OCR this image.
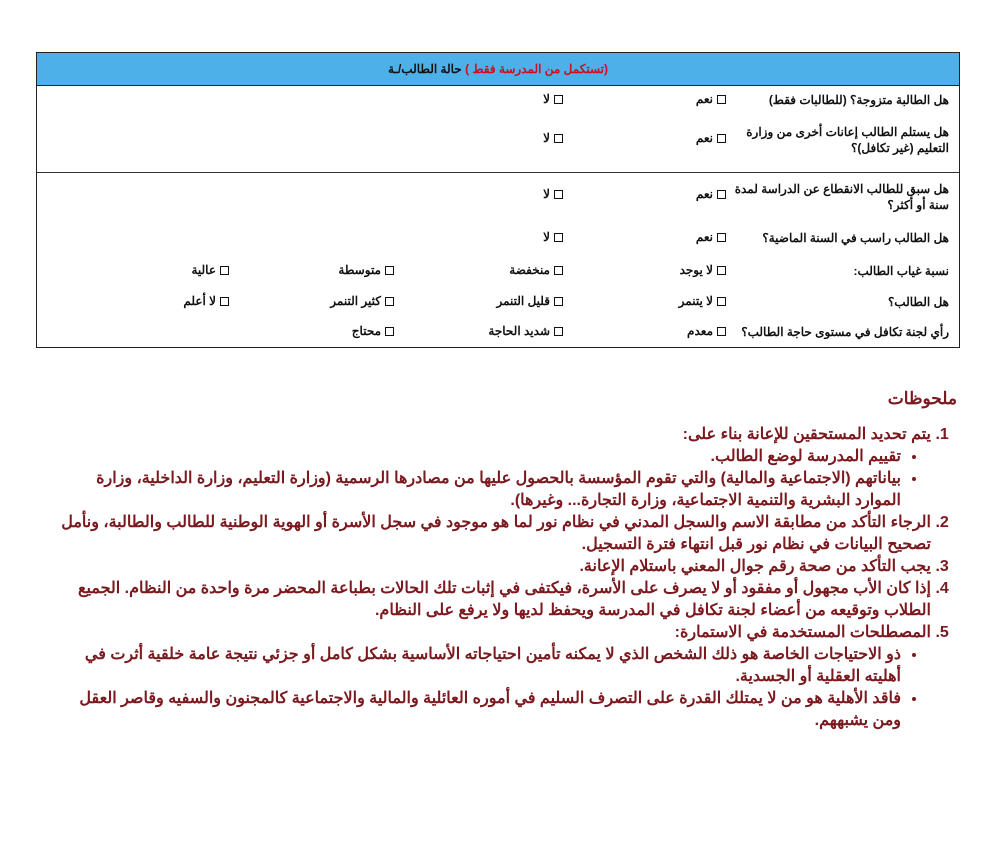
حالة الطالب/ـة
( تستكمل من المدرسة فقط)
هل الطالبة متزوجة؟ (للطالبات فقط)
نعم
لا
هل يستلم الطالب إعانات أخرى من وزارة التعليم (غير تكافل)؟
نعم
لا
هل سبق للطالب الانقطاع عن الدراسة لمدة سنة أو أكثر؟
نعم
لا
هل الطالب راسب في السنة الماضية؟
نعم
لا
نسبة غياب الطالب:
لا يوجد
منخفضة
متوسطة
عالية
هل الطالب؟
لا يتنمر
قليل التنمر
كثير التنمر
لا أعلم
رأي لجنة تكافل في مستوى حاجة الطالب؟
معدم
شديد الحاجة
محتاج
ملحوظات
1. يتم تحديد المستحقين للإعانة بناء على:
• تقييم المدرسة لوضع الطالب.
• بياناتهم (الاجتماعية والمالية) والتي تقوم المؤسسة بالحصول عليها من مصادرها الرسمية (وزارة التعليم، وزارة الداخلية، وزارة الموارد البشرية والتنمية الاجتماعية، وزارة التجارة... وغيرها).
2. الرجاء التأكد من مطابقة الاسم والسجل المدني في نظام نور لما هو موجود في سجل الأسرة أو الهوية الوطنية للطالب والطالبة، ونأمل تصحيح البيانات في نظام نور قبل انتهاء فترة التسجيل.
3. يجب التأكد من صحة رقم جوال المعني باستلام الإعانة.
4. إذا كان الأب مجهول أو مفقود أو لا يصرف على الأسرة، فيكتفى في إثبات تلك الحالات بطباعة المحضر مرة واحدة من النظام. الجميع الطلاب وتوقيعه من أعضاء لجنة تكافل في المدرسة ويحفظ لديها ولا يرفع على النظام.
5. المصطلحات المستخدمة في الاستمارة:
• ذو الاحتياجات الخاصة هو ذلك الشخص الذي لا يمكنه تأمين احتياجاته الأساسية بشكل كامل أو جزئي نتيجة عامة خلقية أثرت في أهليته العقلية أو الجسدية.
• فاقد الأهلية هو من لا يمتلك القدرة على التصرف السليم في أموره العائلية والمالية والاجتماعية كالمجنون والسفيه وقاصر العقل ومن يشبههم.
